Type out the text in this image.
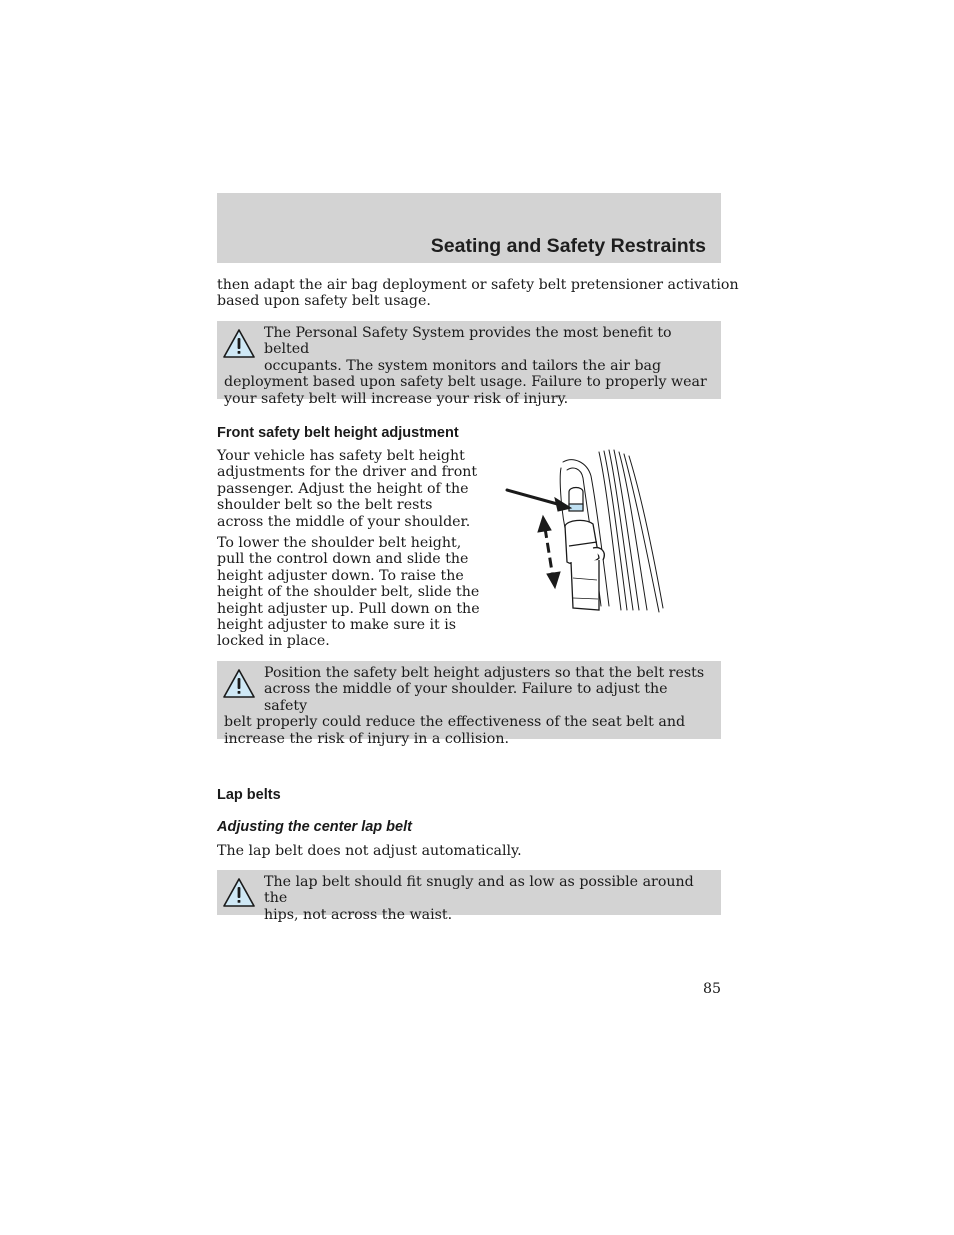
Seating and Safety Restraints
then adapt the air bag deployment or safety belt pretensioner activation
based upon safety belt usage.
The Personal Safety System provides the most benefit to belted
occupants. The system monitors and tailors the air bag
deployment based upon safety belt usage. Failure to properly wear
your safety belt will increase your risk of injury.
Front safety belt height adjustment
Your vehicle has safety belt height
adjustments for the driver and front
passenger. Adjust the height of the
shoulder belt so the belt rests
across the middle of your shoulder.
To lower the shoulder belt height,
pull the control down and slide the
height adjuster down. To raise the
height of the shoulder belt, slide the
height adjuster up. Pull down on the
height adjuster to make sure it is
locked in place.
Position the safety belt height adjusters so that the belt rests
across the middle of your shoulder. Failure to adjust the safety
belt properly could reduce the effectiveness of the seat belt and
increase the risk of injury in a collision.
Lap belts
Adjusting the center lap belt
The lap belt does not adjust automatically.
The lap belt should fit snugly and as low as possible around the
hips, not across the waist.
85
